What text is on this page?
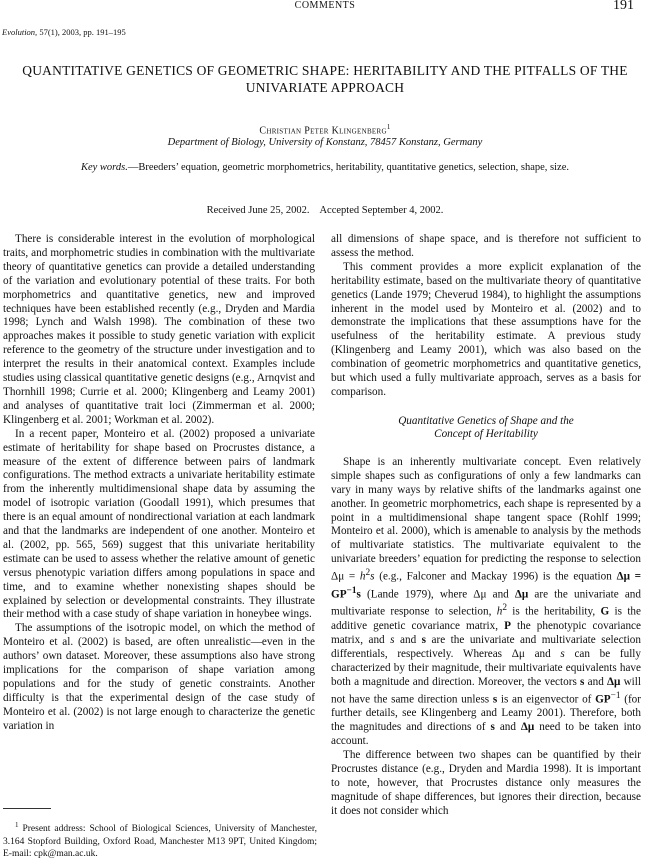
COMMENTS	191
Evolution, 57(1), 2003, pp. 191–195
QUANTITATIVE GENETICS OF GEOMETRIC SHAPE: HERITABILITY AND THE PITFALLS OF THE
UNIVARIATE APPROACH
Christian Peter Klingenberg$^1$
Department of Biology, University of Konstanz, 78457 Konstanz, Germany
Key words.—Breeders’ equation, geometric morphometrics, heritability, quantitative genetics, selection, shape, size.
Received June 25, 2002.    Accepted September 4, 2002.

There is considerable interest in the evolution of morphological traits, and morphometric studies in combination with the multivariate theory of quantitative genetics can provide a detailed understanding of the variation and evolutionary potential of these traits. For both morphometrics and quantitative genetics, new and improved techniques have been established recently (e.g., Dryden and Mardia 1998; Lynch and Walsh 1998). The combination of these two approaches makes it possible to study genetic variation with explicit reference to the geometry of the structure under investigation and to interpret the results in their anatomical context. Examples include studies using classical quantitative genetic designs (e.g., Arnqvist and Thornhill 1998; Currie et al. 2000; Klingenberg and Leamy 2001) and analyses of quantitative trait loci (Zimmerman et al. 2000; Klingenberg et al. 2001; Workman et al. 2002).

In a recent paper, Monteiro et al. (2002) proposed a univariate estimate of heritability for shape based on Procrustes distance, a measure of the extent of difference between pairs of landmark configurations. The method extracts a univariate heritability estimate from the inherently multidimensional shape data by assuming the model of isotropic variation (Goodall 1991), which presumes that there is an equal amount of nondirectional variation at each landmark and that the landmarks are independent of one another. Monteiro et al. (2002, pp. 565, 569) suggest that this univariate heritability estimate can be used to assess whether the relative amount of genetic versus phenotypic variation differs among populations in space and time, and to examine whether nonexisting shapes should be explained by selection or developmental constraints. They illustrate their method with a case study of shape variation in honeybee wings.

The assumptions of the isotropic model, on which the method of Monteiro et al. (2002) is based, are often unrealistic—even in the authors’ own dataset. Moreover, these assumptions also have strong implications for the comparison of shape variation among populations and for the study of genetic constraints. Another difficulty is that the experimental design of the case study of Monteiro et al. (2002) is not large enough to characterize the genetic variation in

$^1$ Present address: School of Biological Sciences, University of Manchester, 3.164 Stopford Building, Oxford Road, Manchester M13 9PT, United Kingdom; E-mail: cpk@man.ac.uk.

all dimensions of shape space, and is therefore not sufficient to assess the method.

This comment provides a more explicit explanation of the heritability estimate, based on the multivariate theory of quantitative genetics (Lande 1979; Cheverud 1984), to highlight the assumptions inherent in the model used by Monteiro et al. (2002) and to demonstrate the implications that these assumptions have for the usefulness of the heritability estimate. A previous study (Klingenberg and Leamy 2001), which was also based on the combination of geometric morphometrics and quantitative genetics, but which used a fully multivariate approach, serves as a basis for comparison.

Quantitative Genetics of Shape and the
Concept of Heritability

Shape is an inherently multivariate concept. Even relatively simple shapes such as configurations of only a few landmarks can vary in many ways by relative shifts of the landmarks against one another. In geometric morphometrics, each shape is represented by a point in a multidimensional shape tangent space (Rohlf 1999; Monteiro et al. 2000), which is amenable to analysis by the methods of multivariate statistics. The multivariate equivalent to the univariate breeders’ equation for predicting the response to selection $\Delta\mu = h^2s$ (e.g., Falconer and Mackay 1996) is the equation $\Delta\mu = GP^{-1}s$ (Lande 1979), where Δμ and Δμ are the univariate and multivariate response to selection, $h^2$ is the heritability, G is the additive genetic covariance matrix, P the phenotypic covariance matrix, and s and s are the univariate and multivariate selection differentials, respectively. Whereas Δμ and s can be fully characterized by their magnitude, their multivariate equivalents have both a magnitude and direction. Moreover, the vectors s and Δμ will not have the same direction unless s is an eigenvector of $GP^{-1}$ (for further details, see Klingenberg and Leamy 2001). Therefore, both the magnitudes and directions of s and Δμ need to be taken into account.

The difference between two shapes can be quantified by their Procrustes distance (e.g., Dryden and Mardia 1998). It is important to note, however, that Procrustes distance only measures the magnitude of shape differences, but ignores their direction, because it does not consider which
